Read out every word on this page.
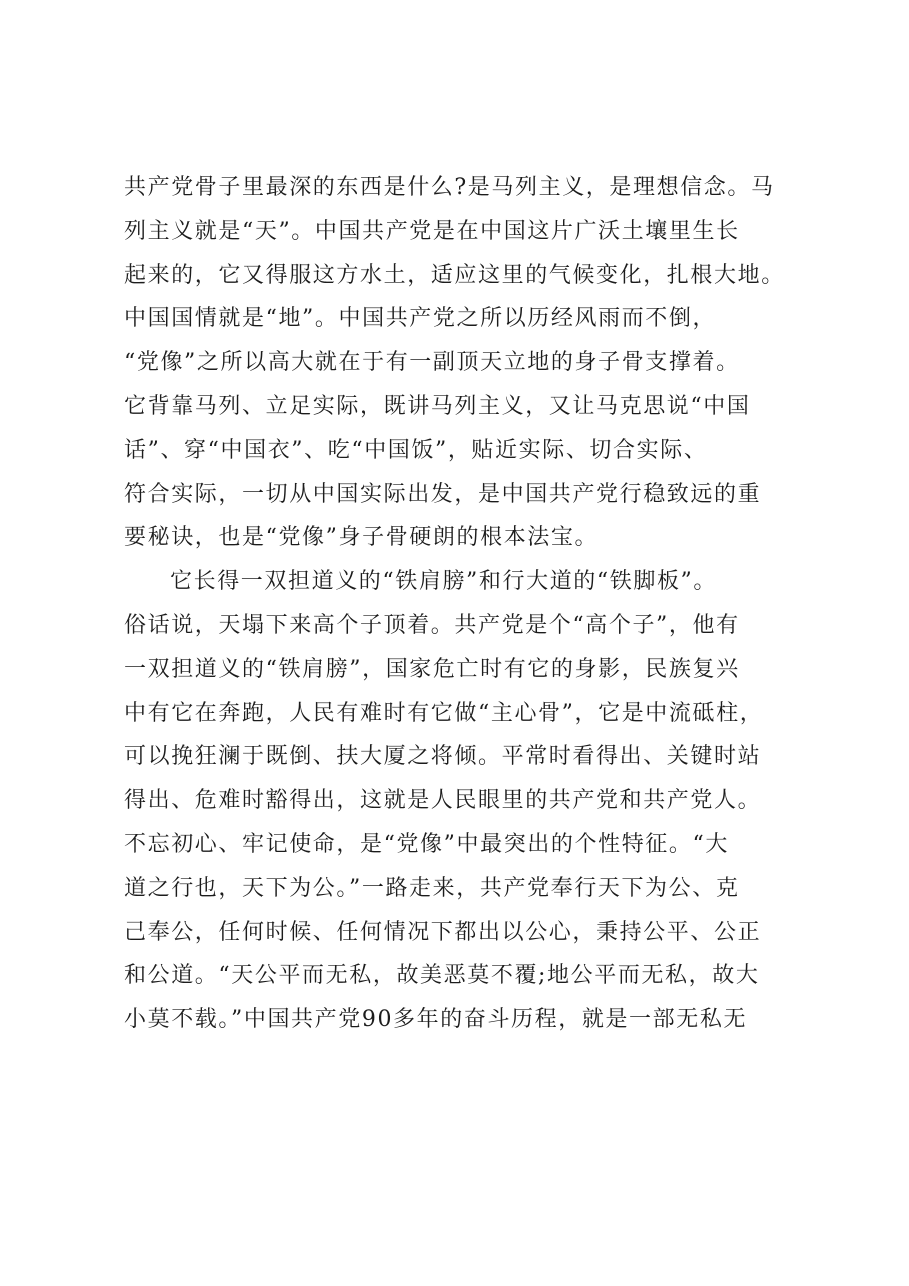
共产党骨子里最深的东西是什么?是马列主义，是理想信念。马
列主义就是“天”。中国共产党是在中国这片广沃土壤里生长
起来的，它又得服这方水土，适应这里的气候变化，扎根大地。
中国国情就是“地”。中国共产党之所以历经风雨而不倒，
“党像”之所以高大就在于有一副顶天立地的身子骨支撑着。
它背靠马列、立足实际，既讲马列主义，又让马克思说“中国
话”、穿“中国衣”、吃“中国饭”，贴近实际、切合实际、
符合实际，一切从中国实际出发，是中国共产党行稳致远的重
要秘诀，也是“党像”身子骨硬朗的根本法宝。
它长得一双担道义的“铁肩膀”和行大道的“铁脚板”。
俗话说，天塌下来高个子顶着。共产党是个“高个子”，他有
一双担道义的“铁肩膀”，国家危亡时有它的身影，民族复兴
中有它在奔跑，人民有难时有它做“主心骨”，它是中流砥柱，
可以挽狂澜于既倒、扶大厦之将倾。平常时看得出、关键时站
得出、危难时豁得出，这就是人民眼里的共产党和共产党人。
不忘初心、牢记使命，是“党像”中最突出的个性特征。“大
道之行也，天下为公。”一路走来，共产党奉行天下为公、克
己奉公，任何时候、任何情况下都出以公心，秉持公平、公正
和公道。“天公平而无私，故美恶莫不覆;地公平而无私，故大
小莫不载。”中国共产党90多年的奋斗历程，就是一部无私无
